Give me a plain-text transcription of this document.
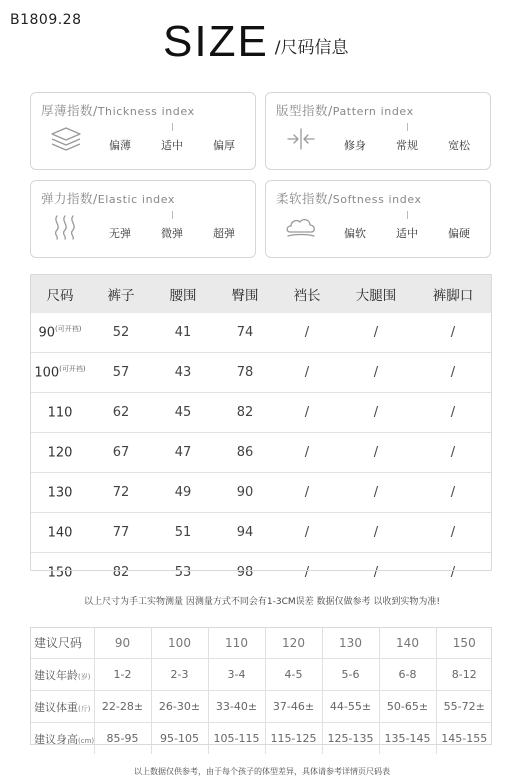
B1809.28 SIZE /尺码信息
厚薄指数/Thickness index
偏薄	适中	偏厚
版型指数/Pattern index
修身	常规	宽松
弹力指数/Elastic index
无弹	微弹	超弹
柔软指数/Softness index
偏软	适中	偏硬
尺码	裤子	腰围	臀围	裆长	大腿围	裤脚口
$90^{(可开裆)}$	52	41	74	/	/	/
$100^{(可开裆)}$	57	43	78	/	/	/
110	62	45	82	/	/	/
120	67	47	86	/	/	/
130	72	49	90	/	/	/
140	77	51	94	/	/	/
150	82	53	98	/	/	/
以上尺寸为手工实物测量 因测量方式不同会有1-3CM误差 数据仅做参考 以收到实物为准!
建议尺码	90	100	110	120	130	140	150
建议年龄(岁)	1-2	2-3	3-4	4-5	5-6	6-8	8-12
建议体重(斤)	22-28±	26-30±	33-40±	37-46±	44-55±	50-65±	55-72±
建议身高(cm)	85-95	95-105	105-115	115-125	125-135	135-145	145-155
以上数据仅供参考，由于每个孩子的体型差异，具体请参考详情页尺码表
